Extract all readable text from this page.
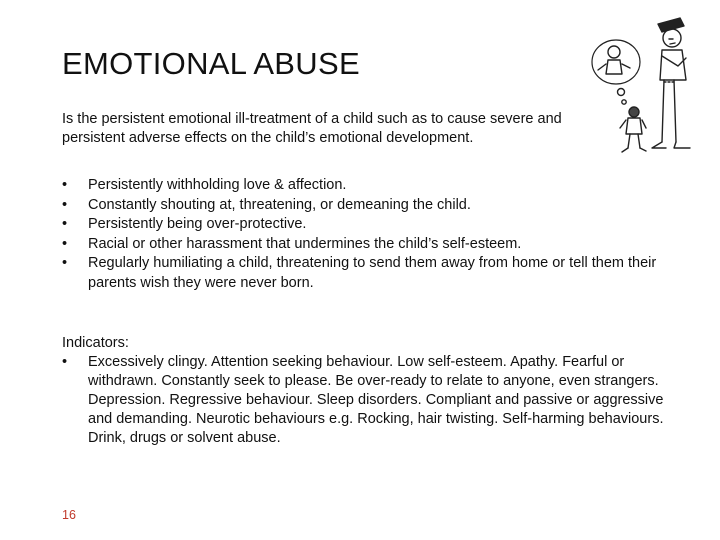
EMOTIONAL ABUSE

Is the persistent emotional ill-treatment of a child such as to cause severe and persistent adverse effects on the child’s emotional development.

• Persistently withholding love & affection.
• Constantly shouting at, threatening, or demeaning the child.
• Persistently being over-protective.
• Racial or other harassment that undermines the child’s self-esteem.
• Regularly humiliating a child, threatening to send them away from home or tell them their parents wish they were never born.

Indicators:

• Excessively clingy. Attention seeking behaviour. Low self-esteem. Apathy. Fearful or withdrawn. Constantly seek to please. Be over-ready to relate to anyone, even strangers. Depression. Regressive behaviour. Sleep disorders. Compliant and passive or aggressive and demanding. Neurotic behaviours e.g. Rocking, hair twisting. Self-harming behaviours. Drink, drugs or solvent abuse.

16
